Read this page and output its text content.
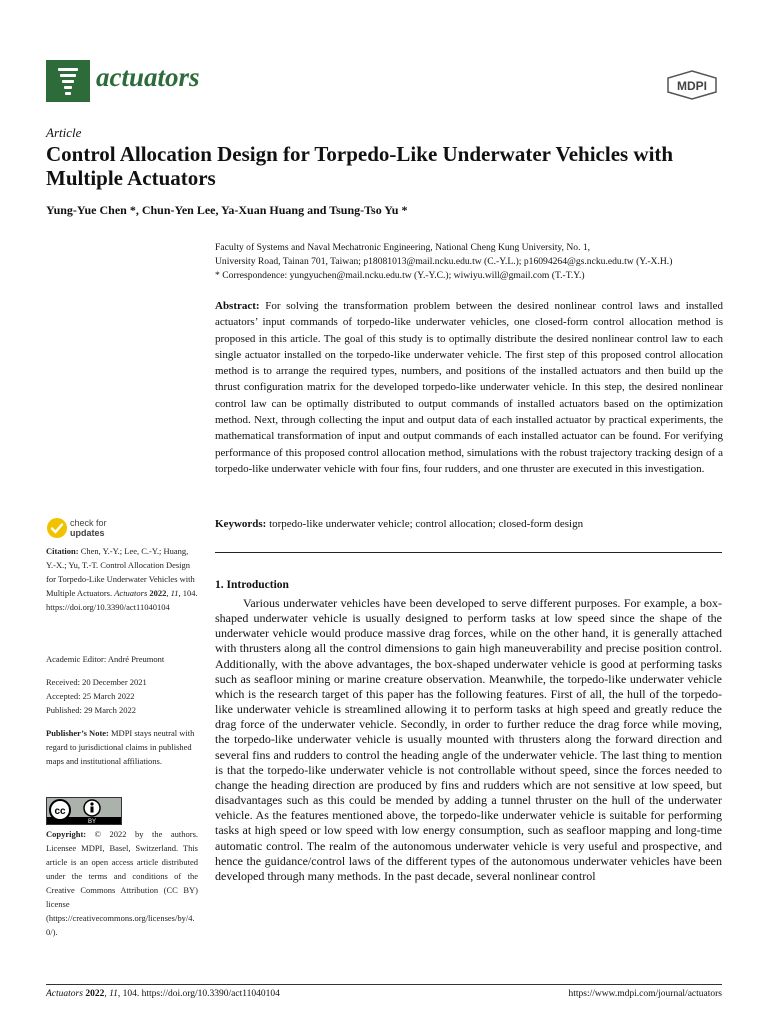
actuators	MDPI
Article
Control Allocation Design for Torpedo-Like Underwater Vehicles with Multiple Actuators
Yung-Yue Chen *, Chun-Yen Lee, Ya-Xuan Huang and Tsung-Tso Yu *
Faculty of Systems and Naval Mechatronic Engineering, National Cheng Kung University, No. 1,
University Road, Tainan 701, Taiwan; p18081013@mail.ncku.edu.tw (C.-Y.L.); p16094264@gs.ncku.edu.tw (Y.-X.H.)
* Correspondence: yungyuchen@mail.ncku.edu.tw (Y.-Y.C.); wiwiyu.will@gmail.com (T.-T.Y.)
Abstract: For solving the transformation problem between the desired nonlinear control laws and installed actuators’ input commands of torpedo-like underwater vehicles, one closed-form control allocation method is proposed in this article. The goal of this study is to optimally distribute the desired nonlinear control law to each single actuator installed on the torpedo-like underwater vehicle. The first step of this proposed control allocation method is to arrange the required types, numbers, and positions of the installed actuators and then build up the thrust configuration matrix for the developed torpedo-like underwater vehicle. In this step, the desired nonlinear control law can be optimally distributed to output commands of installed actuators based on the optimization method. Next, through collecting the input and output data of each installed actuator by practical experiments, the mathematical transformation of input and output commands of each installed actuator can be found. For verifying performance of this proposed control allocation method, simulations with the robust trajectory tracking design of a torpedo-like underwater vehicle with four fins, four rudders, and one thruster are executed in this investigation.
Keywords: torpedo-like underwater vehicle; control allocation; closed-form design
1. Introduction

Various underwater vehicles have been developed to serve different purposes. For example, a box-shaped underwater vehicle is usually designed to perform tasks at low speed since the shape of the underwater vehicle would produce massive drag forces, while on the other hand, it is generally attached with thrusters along all the control dimensions to gain high maneuverability and precise position control. Additionally, with the above advantages, the box-shaped underwater vehicle is good at performing tasks such as seafloor mining or marine creature observation. Meanwhile, the torpedo-like underwater vehicle which is the research target of this paper has the following features. First of all, the hull of the torpedo-like underwater vehicle is streamlined allowing it to perform tasks at high speed and greatly reduce the drag force of the underwater vehicle. Secondly, in order to further reduce the drag force while moving, the torpedo-like underwater vehicle is usually mounted with thrusters along the forward direction and several fins and rudders to control the heading angle of the underwater vehicle. The last thing to mention is that the torpedo-like underwater vehicle is not controllable without speed, since the forces needed to change the heading direction are produced by fins and rudders which are not sensitive at low speed, but disadvantages such as this could be mended by adding a tunnel thruster on the hull of the underwater vehicle. As the features mentioned above, the torpedo-like underwater vehicle is suitable for performing tasks at high speed or low speed with low energy consumption, such as seafloor mapping and long-time automatic control. The realm of the autonomous underwater vehicle is very useful and prospective, and hence the guidance/control laws of the different types of the autonomous underwater vehicles have been developed through many methods. In the past decade, several nonlinear control

check for
updates
Citation: Chen, Y.-Y.; Lee, C.-Y.; Huang, Y.-X.; Yu, T.-T. Control Allocation Design for Torpedo-Like Underwater Vehicles with Multiple Actuators. Actuators 2022, 11, 104. https://doi.org/10.3390/act11040104
Academic Editor: André Preumont
Received: 20 December 2021
Accepted: 25 March 2022
Published: 29 March 2022
Publisher’s Note: MDPI stays neutral with regard to jurisdictional claims in published maps and institutional affiliations.
cc
BY
Copyright: © 2022 by the authors. Licensee MDPI, Basel, Switzerland. This article is an open access article distributed under the terms and conditions of the Creative Commons Attribution (CC BY) license (https://creativecommons.org/licenses/by/4.0/).
Actuators 2022, 11, 104. https://doi.org/10.3390/act11040104	https://www.mdpi.com/journal/actuators
